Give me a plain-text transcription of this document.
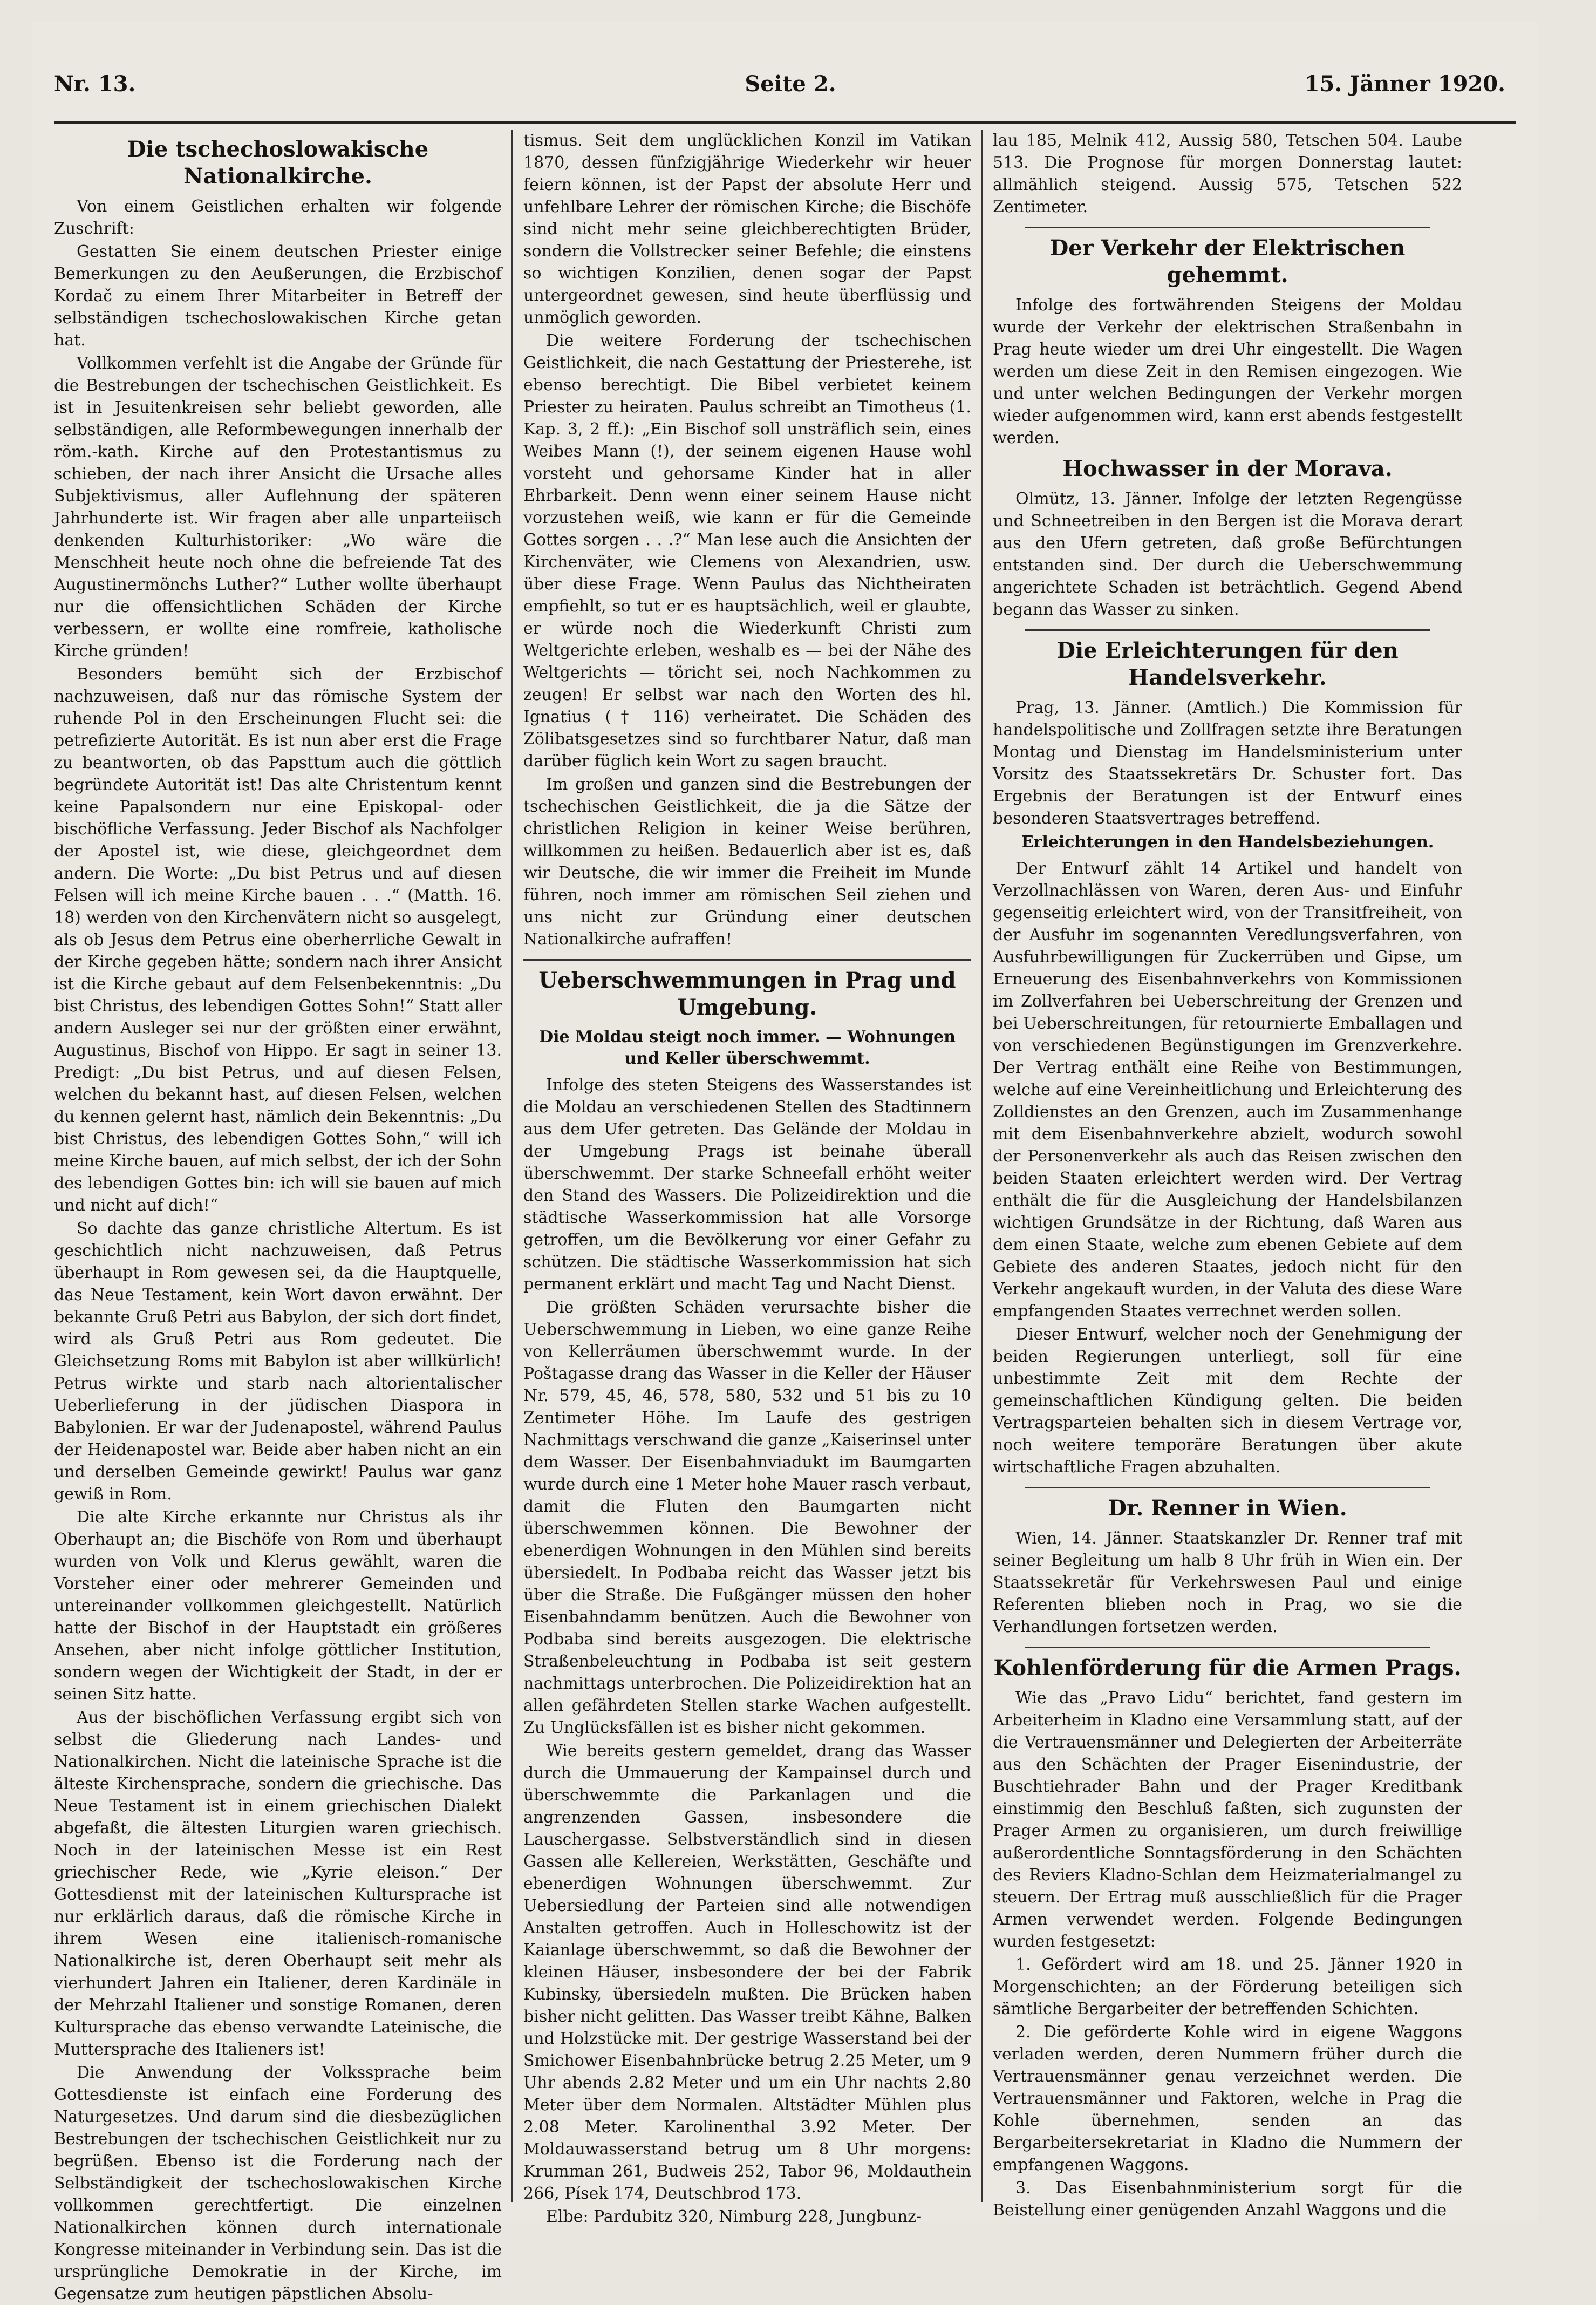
Nr. 13.	Seite 2.	15. Jänner 1920.
Die tschechoslowakische Nationalkirche.

Von einem Geistlichen erhalten wir folgende Zuschrift:

Gestatten Sie einem deutschen Priester einige Bemerkungen zu den Aeußerungen, die Erzbischof Kordač zu einem Ihrer Mitarbeiter in Betreff der selbständigen tschechoslowakischen Kirche getan hat.

Vollkommen verfehlt ist die Angabe der Gründe für die Bestrebungen der tschechischen Geistlichkeit. Es ist in Jesuitenkreisen sehr beliebt geworden, alle selbständigen, alle Reformbewegungen innerhalb der röm.-kath. Kirche auf den Protestantismus zu schieben, der nach ihrer Ansicht die Ursache alles Subjektivismus, aller Auflehnung der späteren Jahrhunderte ist. Wir fragen aber alle unparteiisch denkenden Kulturhistoriker: „Wo wäre die Menschheit heute noch ohne die befreiende Tat des Augustinermönchs Luther?“ Luther wollte überhaupt nur die offensichtlichen Schäden der Kirche verbessern, er wollte eine romfreie, katholische Kirche gründen!

Besonders bemüht sich der Erzbischof nachzuweisen, daß nur das römische System der ruhende Pol in den Erscheinungen Flucht sei: die petrefizierte Autorität. Es ist nun aber erst die Frage zu beantworten, ob das Papsttum auch die göttlich begründete Autorität ist! Das alte Christentum kennt keine Papalsondern nur eine Episkopal- oder bischöfliche Verfassung. Jeder Bischof als Nachfolger der Apostel ist, wie diese, gleichgeordnet dem andern. Die Worte: „Du bist Petrus und auf diesen Felsen will ich meine Kirche bauen . . .“ (Matth. 16. 18) werden von den Kirchenvätern nicht so ausgelegt, als ob Jesus dem Petrus eine oberherrliche Gewalt in der Kirche gegeben hätte; sondern nach ihrer Ansicht ist die Kirche gebaut auf dem Felsenbekenntnis: „Du bist Christus, des lebendigen Gottes Sohn!“ Statt aller andern Ausleger sei nur der größten einer erwähnt, Augustinus, Bischof von Hippo. Er sagt in seiner 13. Predigt: „Du bist Petrus, und auf diesen Felsen, welchen du bekannt hast, auf diesen Felsen, welchen du kennen gelernt hast, nämlich dein Bekenntnis: „Du bist Christus, des lebendigen Gottes Sohn,“ will ich meine Kirche bauen, auf mich selbst, der ich der Sohn des lebendigen Gottes bin: ich will sie bauen auf mich und nicht auf dich!“

So dachte das ganze christliche Altertum. Es ist geschichtlich nicht nachzuweisen, daß Petrus überhaupt in Rom gewesen sei, da die Hauptquelle, das Neue Testament, kein Wort davon erwähnt. Der bekannte Gruß Petri aus Babylon, der sich dort findet, wird als Gruß Petri aus Rom gedeutet. Die Gleichsetzung Roms mit Babylon ist aber willkürlich! Petrus wirkte und starb nach altorientalischer Ueberlieferung in der jüdischen Diaspora in Babylonien. Er war der Judenapostel, während Paulus der Heidenapostel war. Beide aber haben nicht an ein und derselben Gemeinde gewirkt! Paulus war ganz gewiß in Rom.

Die alte Kirche erkannte nur Christus als ihr Oberhaupt an; die Bischöfe von Rom und überhaupt wurden von Volk und Klerus gewählt, waren die Vorsteher einer oder mehrerer Gemeinden und untereinander vollkommen gleichgestellt. Natürlich hatte der Bischof in der Hauptstadt ein größeres Ansehen, aber nicht infolge göttlicher Institution, sondern wegen der Wichtigkeit der Stadt, in der er seinen Sitz hatte.

Aus der bischöflichen Verfassung ergibt sich von selbst die Gliederung nach Landes- und Nationalkirchen. Nicht die lateinische Sprache ist die älteste Kirchensprache, sondern die griechische. Das Neue Testament ist in einem griechischen Dialekt abgefaßt, die ältesten Liturgien waren griechisch. Noch in der lateinischen Messe ist ein Rest griechischer Rede, wie „Kyrie eleison.“ Der Gottesdienst mit der lateinischen Kultursprache ist nur erklärlich daraus, daß die römische Kirche in ihrem Wesen eine italienisch-romanische Nationalkirche ist, deren Oberhaupt seit mehr als vierhundert Jahren ein Italiener, deren Kardinäle in der Mehrzahl Italiener und sonstige Romanen, deren Kultursprache das ebenso verwandte Lateinische, die Muttersprache des Italieners ist!

Die Anwendung der Volkssprache beim Gottesdienste ist einfach eine Forderung des Naturgesetzes. Und darum sind die diesbezüglichen Bestrebungen der tschechischen Geistlichkeit nur zu begrüßen. Ebenso ist die Forderung nach der Selbständigkeit der tschechoslowakischen Kirche vollkommen gerechtfertigt. Die einzelnen Nationalkirchen können durch internationale Kongresse miteinander in Verbindung sein. Das ist die ursprüngliche Demokratie in der Kirche, im Gegensatze zum heutigen päpstlichen Absolu-

tismus. Seit dem unglücklichen Konzil im Vatikan 1870, dessen fünfzigjährige Wiederkehr wir heuer feiern können, ist der Papst der absolute Herr und unfehlbare Lehrer der römischen Kirche; die Bischöfe sind nicht mehr seine gleichberechtigten Brüder, sondern die Vollstrecker seiner Befehle; die einstens so wichtigen Konzilien, denen sogar der Papst untergeordnet gewesen, sind heute überflüssig und unmöglich geworden.

Die weitere Forderung der tschechischen Geistlichkeit, die nach Gestattung der Priesterehe, ist ebenso berechtigt. Die Bibel verbietet keinem Priester zu heiraten. Paulus schreibt an Timotheus (1. Kap. 3, 2 ff.): „Ein Bischof soll unsträflich sein, eines Weibes Mann (!), der seinem eigenen Hause wohl vorsteht und gehorsame Kinder hat in aller Ehrbarkeit. Denn wenn einer seinem Hause nicht vorzustehen weiß, wie kann er für die Gemeinde Gottes sorgen . . .?“ Man lese auch die Ansichten der Kirchenväter, wie Clemens von Alexandrien, usw. über diese Frage. Wenn Paulus das Nichtheiraten empfiehlt, so tut er es hauptsächlich, weil er glaubte, er würde noch die Wiederkunft Christi zum Weltgerichte erleben, weshalb es — bei der Nähe des Weltgerichts — töricht sei, noch Nachkommen zu zeugen! Er selbst war nach den Worten des hl. Ignatius († 116) verheiratet. Die Schäden des Zölibatsgesetzes sind so furchtbarer Natur, daß man darüber füglich kein Wort zu sagen braucht.

Im großen und ganzen sind die Bestrebungen der tschechischen Geistlichkeit, die ja die Sätze der christlichen Religion in keiner Weise berühren, willkommen zu heißen. Bedauerlich aber ist es, daß wir Deutsche, die wir immer die Freiheit im Munde führen, noch immer am römischen Seil ziehen und uns nicht zur Gründung einer deutschen Nationalkirche aufraffen!

Ueberschwemmungen in Prag und Umgebung.
Die Moldau steigt noch immer. — Wohnungen und Keller überschwemmt.

Infolge des steten Steigens des Wasserstandes ist die Moldau an verschiedenen Stellen des Stadtinnern aus dem Ufer getreten. Das Gelände der Moldau in der Umgebung Prags ist beinahe überall überschwemmt. Der starke Schneefall erhöht weiter den Stand des Wassers. Die Polizeidirektion und die städtische Wasserkommission hat alle Vorsorge getroffen, um die Bevölkerung vor einer Gefahr zu schützen. Die städtische Wasserkommission hat sich permanent erklärt und macht Tag und Nacht Dienst.

Die größten Schäden verursachte bisher die Ueberschwemmung in Lieben, wo eine ganze Reihe von Kellerräumen überschwemmt wurde. In der Poštagasse drang das Wasser in die Keller der Häuser Nr. 579, 45, 46, 578, 580, 532 und 51 bis zu 10 Zentimeter Höhe. Im Laufe des gestrigen Nachmittags verschwand die ganze „Kaiserinsel unter dem Wasser. Der Eisenbahnviadukt im Baumgarten wurde durch eine 1 Meter hohe Mauer rasch verbaut, damit die Fluten den Baumgarten nicht überschwemmen können. Die Bewohner der ebenerdigen Wohnungen in den Mühlen sind bereits übersiedelt. In Podbaba reicht das Wasser jetzt bis über die Straße. Die Fußgänger müssen den hoher Eisenbahndamm benützen. Auch die Bewohner von Podbaba sind bereits ausgezogen. Die elektrische Straßenbeleuchtung in Podbaba ist seit gestern nachmittags unterbrochen. Die Polizeidirektion hat an allen gefährdeten Stellen starke Wachen aufgestellt. Zu Unglücksfällen ist es bisher nicht gekommen.

Wie bereits gestern gemeldet, drang das Wasser durch die Ummauerung der Kampainsel durch und überschwemmte die Parkanlagen und die angrenzenden Gassen, insbesondere die Lauschergasse. Selbstverständlich sind in diesen Gassen alle Kellereien, Werkstätten, Geschäfte und ebenerdigen Wohnungen überschwemmt. Zur Uebersiedlung der Parteien sind alle notwendigen Anstalten getroffen. Auch in Holleschowitz ist der Kaianlage überschwemmt, so daß die Bewohner der kleinen Häuser, insbesondere der bei der Fabrik Kubinsky, übersiedeln mußten. Die Brücken haben bisher nicht gelitten. Das Wasser treibt Kähne, Balken und Holzstücke mit. Der gestrige Wasserstand bei der Smichower Eisenbahnbrücke betrug 2.25 Meter, um 9 Uhr abends 2.82 Meter und um ein Uhr nachts 2.80 Meter über dem Normalen. Altstädter Mühlen plus 2.08 Meter. Karolinenthal 3.92 Meter. Der Moldauwasserstand betrug um 8 Uhr morgens: Krumman 261, Budweis 252, Tabor 96, Moldauthein 266, Písek 174, Deutschbrod 173.

Elbe: Pardubitz 320, Nimburg 228, Jungbunz-

lau 185, Melnik 412, Aussig 580, Tetschen 504. Laube 513. Die Prognose für morgen Donnerstag lautet: allmählich steigend. Aussig 575, Tetschen 522 Zentimeter.

Der Verkehr der Elektrischen gehemmt.

Infolge des fortwährenden Steigens der Moldau wurde der Verkehr der elektrischen Straßenbahn in Prag heute wieder um drei Uhr eingestellt. Die Wagen werden um diese Zeit in den Remisen eingezogen. Wie und unter welchen Bedingungen der Verkehr morgen wieder aufgenommen wird, kann erst abends festgestellt werden.

Hochwasser in der Morava.

Olmütz, 13. Jänner. Infolge der letzten Regengüsse und Schneetreiben in den Bergen ist die Morava derart aus den Ufern getreten, daß große Befürchtungen entstanden sind. Der durch die Ueberschwemmung angerichtete Schaden ist beträchtlich. Gegend Abend begann das Wasser zu sinken.

Die Erleichterungen für den Handelsverkehr.

Prag, 13. Jänner. (Amtlich.) Die Kommission für handelspolitische und Zollfragen setzte ihre Beratungen Montag und Dienstag im Handelsministerium unter Vorsitz des Staatssekretärs Dr. Schuster fort. Das Ergebnis der Beratungen ist der Entwurf eines besonderen Staatsvertrages betreffend.

Erleichterungen in den Handelsbeziehungen.

Der Entwurf zählt 14 Artikel und handelt von Verzollnachlässen von Waren, deren Aus- und Einfuhr gegenseitig erleichtert wird, von der Transitfreiheit, von der Ausfuhr im sogenannten Veredlungsverfahren, von Ausfuhrbewilligungen für Zuckerrüben und Gipse, um Erneuerung des Eisenbahnverkehrs von Kommissionen im Zollverfahren bei Ueberschreitung der Grenzen und bei Ueberschreitungen, für retournierte Emballagen und von verschiedenen Begünstigungen im Grenzverkehre. Der Vertrag enthält eine Reihe von Bestimmungen, welche auf eine Vereinheitlichung und Erleichterung des Zolldienstes an den Grenzen, auch im Zusammenhange mit dem Eisenbahnverkehre abzielt, wodurch sowohl der Personenverkehr als auch das Reisen zwischen den beiden Staaten erleichtert werden wird. Der Vertrag enthält die für die Ausgleichung der Handelsbilanzen wichtigen Grundsätze in der Richtung, daß Waren aus dem einen Staate, welche zum ebenen Gebiete auf dem Gebiete des anderen Staates, jedoch nicht für den Verkehr angekauft wurden, in der Valuta des diese Ware empfangenden Staates verrechnet werden sollen.

Dieser Entwurf, welcher noch der Genehmigung der beiden Regierungen unterliegt, soll für eine unbestimmte Zeit mit dem Rechte der gemeinschaftlichen Kündigung gelten. Die beiden Vertragsparteien behalten sich in diesem Vertrage vor, noch weitere temporäre Beratungen über akute wirtschaftliche Fragen abzuhalten.

Dr. Renner in Wien.

Wien, 14. Jänner. Staatskanzler Dr. Renner traf mit seiner Begleitung um halb 8 Uhr früh in Wien ein. Der Staatssekretär für Verkehrswesen Paul und einige Referenten blieben noch in Prag, wo sie die Verhandlungen fortsetzen werden.

Kohlenförderung für die Armen Prags.

Wie das „Pravo Lidu“ berichtet, fand gestern im Arbeiterheim in Kladno eine Versammlung statt, auf der die Vertrauensmänner und Delegierten der Arbeiterräte aus den Schächten der Prager Eisenindustrie, der Buschtiehrader Bahn und der Prager Kreditbank einstimmig den Beschluß faßten, sich zugunsten der Prager Armen zu organisieren, um durch freiwillige außerordentliche Sonntagsförderung in den Schächten des Reviers Kladno-Schlan dem Heizmaterialmangel zu steuern. Der Ertrag muß ausschließlich für die Prager Armen verwendet werden. Folgende Bedingungen wurden festgesetzt:

1. Gefördert wird am 18. und 25. Jänner 1920 in Morgenschichten; an der Förderung beteiligen sich sämtliche Bergarbeiter der betreffenden Schichten.

2. Die geförderte Kohle wird in eigene Waggons verladen werden, deren Nummern früher durch die Vertrauensmänner genau verzeichnet werden. Die Vertrauensmänner und Faktoren, welche in Prag die Kohle übernehmen, senden an das Bergarbeitersekretariat in Kladno die Nummern der empfangenen Waggons.

3. Das Eisenbahnministerium sorgt für die Beistellung einer genügenden Anzahl Waggons und die
